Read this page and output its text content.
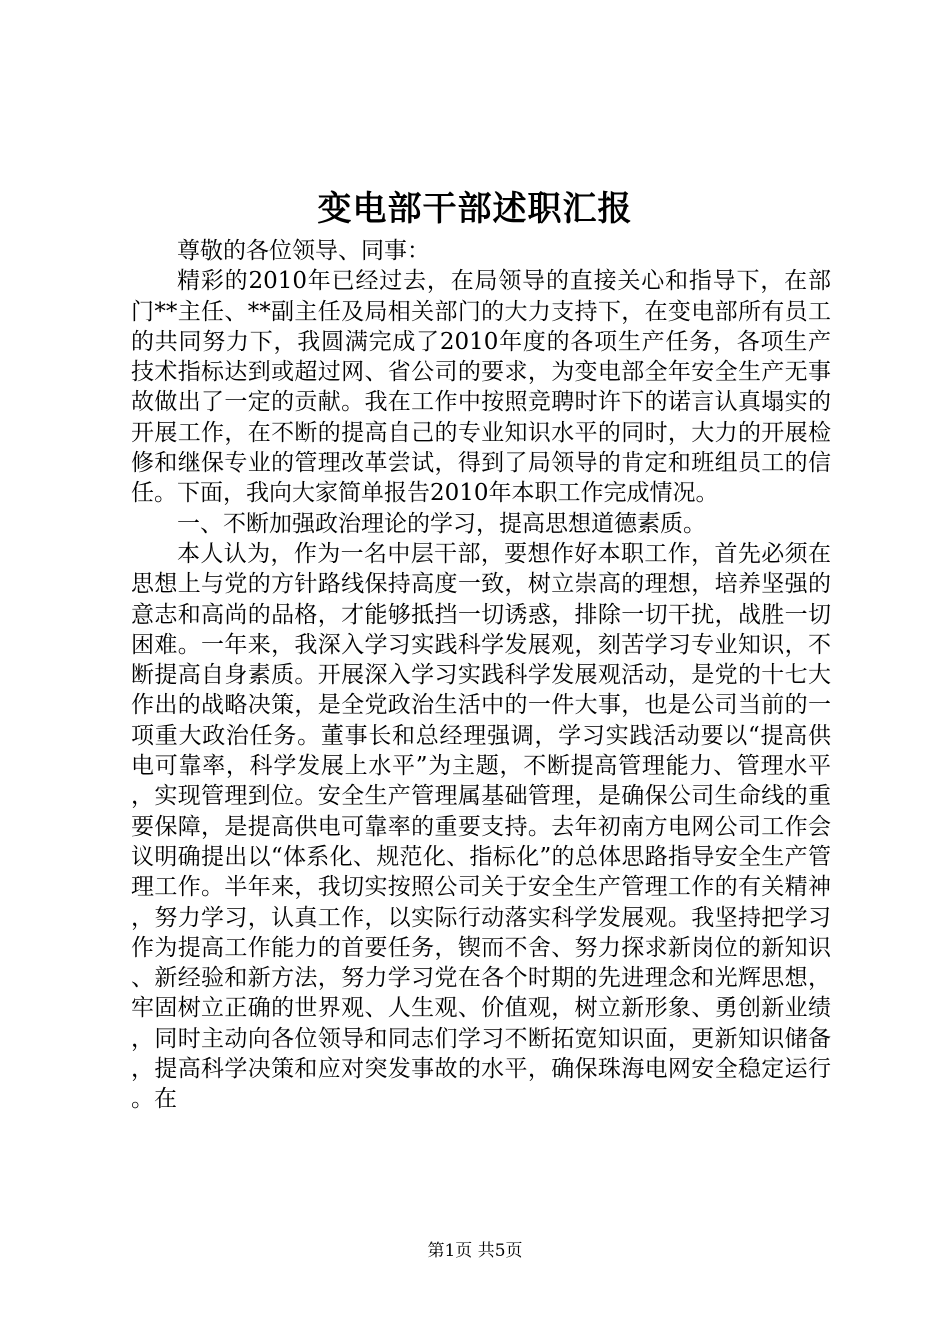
变电部干部述职汇报

尊敬的各位领导、同事：

精彩的2010年已经过去，在局领导的直接关心和指导下，在部门**主任、**副主任及局相关部门的大力支持下，在变电部所有员工的共同努力下，我圆满完成了2010年度的各项生产任务，各项生产技术指标达到或超过网、省公司的要求，为变电部全年安全生产无事故做出了一定的贡献。我在工作中按照竞聘时许下的诺言认真塌实的开展工作，在不断的提高自己的专业知识水平的同时，大力的开展检修和继保专业的管理改革尝试，得到了局领导的肯定和班组员工的信任。下面，我向大家简单报告2010年本职工作完成情况。

一、不断加强政治理论的学习，提高思想道德素质。

本人认为，作为一名中层干部，要想作好本职工作，首先必须在思想上与党的方针路线保持高度一致，树立崇高的理想，培养坚强的意志和高尚的品格，才能够抵挡一切诱惑，排除一切干扰，战胜一切困难。一年来，我深入学习实践科学发展观，刻苦学习专业知识，不断提高自身素质。开展深入学习实践科学发展观活动，是党的十七大作出的战略决策，是全党政治生活中的一件大事，也是公司当前的一项重大政治任务。董事长和总经理强调，学习实践活动要以“提高供电可靠率，科学发展上水平”为主题，不断提高管理能力、管理水平，实现管理到位。安全生产管理属基础管理，是确保公司生命线的重要保障，是提高供电可靠率的重要支持。去年初南方电网公司工作会议明确提出以“体系化、规范化、指标化”的总体思路指导安全生产管理工作。半年来，我切实按照公司关于安全生产管理工作的有关精神，努力学习，认真工作，以实际行动落实科学发展观。我坚持把学习作为提高工作能力的首要任务，锲而不舍、努力探求新岗位的新知识、新经验和新方法，努力学习党在各个时期的先进理念和光辉思想，牢固树立正确的世界观、人生观、价值观，树立新形象、勇创新业绩，同时主动向各位领导和同志们学习不断拓宽知识面，更新知识储备，提高科学决策和应对突发事故的水平，确保珠海电网安全稳定运行。在

第1页 共5页
